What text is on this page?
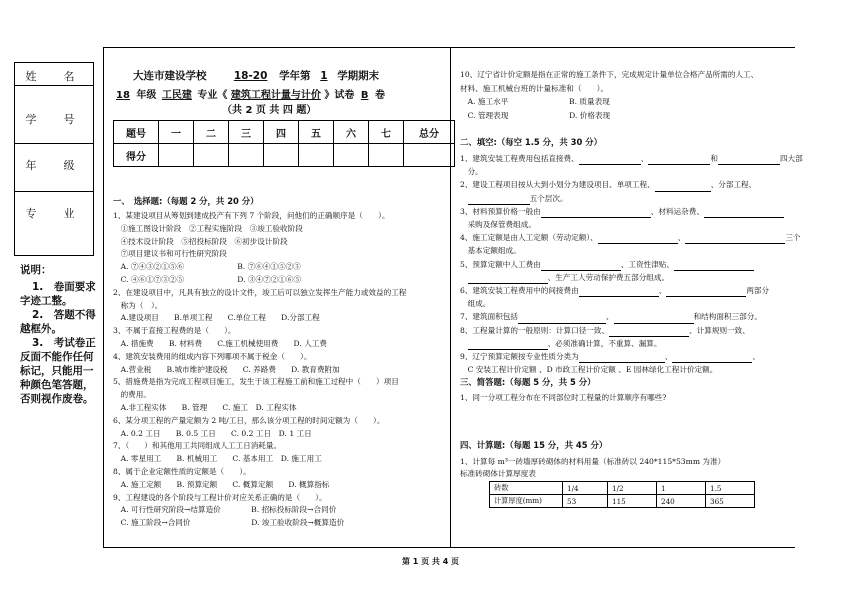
姓　名
学　号
年　级
专　业
说明：
1.　卷面要求字迹工整。
2.　答题不得越框外。
3.　考试卷正反面不能作任何标记，只能用一种颜色笔答题，否则视作废卷。
大连市建设学校	18-20 学年第 1 学期期末
18 年级 工民建 专业《 建筑工程计量与计价 》试卷 B 卷
（共 2 页 共 四 题）
题号	一	二	三	四	五	六	七	总分
得分								
一、　选择题:（每题 2 分，共 20 分）
1、某建设项目从筹划到建成投产有下列 7 个阶段，问他们的正确顺序是（　　）。
　①施工图设计阶段　②工程实施阶段　③竣工验收阶段
　④技术设计阶段　⑤招投标阶段　⑥初步设计阶段
　⑦项目建议书和可行性研究阶段
　A. ⑦④③②①⑤⑥　　　　　　　B. ⑦⑥④①⑤②③
　C. ④⑥①⑦③②⑤　　　　　　　D. ③④⑦②①⑥⑤
2、在建设项目中，凡具有独立的设计文件，竣工后可以独立发挥生产能力或效益的工程
　称为（　）。
　A.建设项目　　B.单项工程　　C.单位工程　　D.分部工程
3、不属于直接工程费的是（　　）。
　A. 措施费　　B. 材料费　　C.施工机械使用费　　D. 人工费
4、建筑安装费用的组成内容下列哪项不属于税金（　　）。
　A.营业税　　B.城市维护建设税　　C. 养路费　　D. 教育费附加
5、措施费是指为完成工程项目施工，发生于该工程施工前和施工过程中（　　）项目
　的费用。
　A.非工程实体　　B. 管理　　C. 施工　D. 工程实体
6、某分项工程的产量定额为 2 吨/工日，那么该分项工程的时间定额为（　　）。
　A. 0.2 工日　　B. 0.5 工日　　C. 0.2 工日　D. 1 工日
7、（　　）和其他用工共同组成人工工日消耗量。
　A. 零星用工　　B. 机械用工　　C. 基本用工　D. 施工用工
8、属于企业定额性质的定额是（　　）。
　A. 施工定额　　B. 预算定额　　C. 概算定额　　D. 概算指标
9、工程建设的各个阶段与工程计价对应关系正确的是（　　）。
　A. 可行性研究阶段→结算造价　　　　B. 招标投标阶段→合同价
　C. 施工阶段→合同价　　　　　　　　D. 竣工验收阶段→概算造价
10、辽宁省计价定额是指在正常的施工条件下，完成规定计量单位合格产品所需的人工、
材料、施工机械台班的计量标准和（　　）。
　A. 施工水平　　　　　　　　B. 质量表现
　C. 管理表现　　　　　　　　D. 价格表现
二、填空:（每空 1.5 分，共 30 分）
1、建筑安装工程费用包括直接费、	、	和	四大部
　分。
2、建设工程项目按从大到小划分为建设项目、单项工程、	、分部工程、
　五个层次。
3、材料预算价格一般由	、材料运杂费、
　采购及保管费组成。
4、施工定额是由人工定额（劳动定额）、	、	三个
　基本定额组成。
5、预算定额中人工费由	、工资性津贴、
　、生产工人劳动保护费五部分组成。
6、建筑安装工程费用中的间接费由	、	两部分
　组成。
7、建筑面积包括	、	和结构面积三部分。
8、工程量计算的一般原则：计算口径一致、	、计算规则一致、
　、必须准确计算，不重算、漏算。
9、辽宁预算定额按专业性质分类为	、	、
　C 安装工程计价定额 、D 市政工程计价定额 、E 园林绿化工程计价定额。
三、简答题:（每题 5 分，共 5 分）
1、同一分项工程分布在不同部位时工程量的计算顺序有哪些?
四、计算题:（每题 15 分，共 45 分）
1、计算每 m³一砖墙厚砖砌体的材料用量（标准砖以 240*115*53mm 为准）
标准砖砌体计算厚度表
砖数	1/4	1/2	1	1.5
计算厚度(mm)	53	115	240	365
第 1 页 共 4 页
